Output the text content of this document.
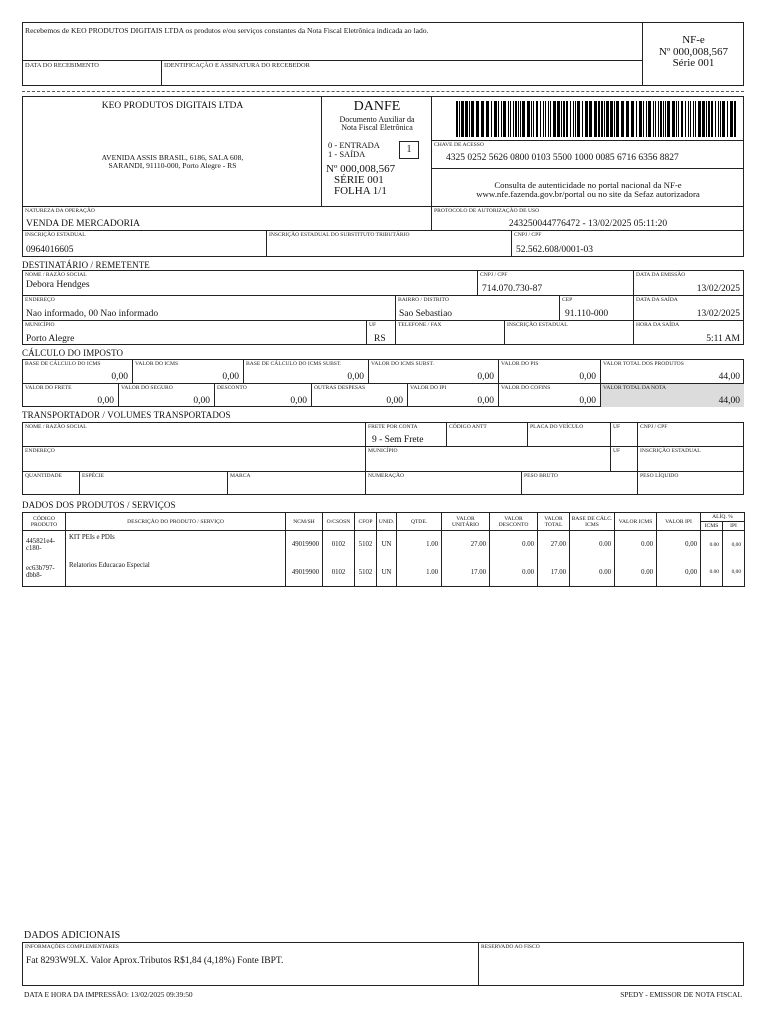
Recebemos de KEO PRODUTOS DIGITAIS LTDA os produtos e/ou serviços constantes da Nota Fiscal Eletrônica indicada ao lado.
DATA DO RECEBIMENTO	IDENTIFICAÇÃO E ASSINATURA DO RECEBEDOR
NF-e
Nº 000,008,567
Série 001
KEO PRODUTOS DIGITAIS LTDA
AVENIDA ASSIS BRASIL, 6186, SALA 608,
SARANDI, 91110-000, Porto Alegre - RS
DANFE
Documento Auxiliar da
Nota Fiscal Eletrônica
0 - ENTRADA
1 - SAÍDA	1
Nº 000,008,567
SÉRIE 001
FOLHA 1/1
CHAVE DE ACESSO
4325 0252 5626 0800 0103 5500 1000 0085 6716 6356 8827
Consulta de autenticidade no portal nacional da NF-e
www.nfe.fazenda.gov.br/portal ou no site da Sefaz autorizadora
NATUREZA DA OPERAÇÃO
VENDA DE MERCADORIA
PROTOCOLO DE AUTORIZAÇÃO DE USO
243250044776472 - 13/02/2025 05:11:20
INSCRIÇÃO ESTADUAL
0964016605
INSCRIÇÃO ESTADUAL DO SUBSTITUTO TRIBUTÁRIO	CNPJ / CPF
52.562.608/0001-03
DESTINATÁRIO / REMETENTE
NOME / RAZÃO SOCIAL
Debora Hendges
CNPJ / CPF
714.070.730-87
DATA DA EMISSÃO
13/02/2025
ENDEREÇO
Nao informado, 00 Nao informado
BAIRRO / DISTRITO
Sao Sebastiao
CEP
91.110-000
DATA DA SAÍDA
13/02/2025
MUNICÍPIO
Porto Alegre
UF
RS
TELEFONE / FAX	INSCRIÇÃO ESTADUAL	HORA DA SAÍDA
5:11 AM
CÁLCULO DO IMPOSTO
BASE DE CÁLCULO DO ICMS
0,00
VALOR DO ICMS
0,00
BASE DE CÁLCULO DO ICMS SUBST.
0,00
VALOR DO ICMS SUBST.
0,00
VALOR DO PIS
0,00
VALOR TOTAL DOS PRODUTOS
44,00
VALOR DO FRETE
0,00
VALOR DO SEGURO
0,00
DESCONTO
0,00
OUTRAS DESPESAS
0,00
VALOR DO IPI
0,00
VALOR DO COFINS
0,00
VALOR TOTAL DA NOTA
44,00
TRANSPORTADOR / VOLUMES TRANSPORTADOS
NOME / RAZÃO SOCIAL	FRETE POR CONTA
9 - Sem Frete
CÓDIGO ANTT	PLACA DO VEÍCULO	UF	CNPJ / CPF
ENDEREÇO	MUNICÍPIO	UF	INSCRIÇÃO ESTADUAL
QUANTIDADE	ESPÉCIE	MARCA	NUMERAÇÃO	PESO BRUTO	PESO LÍQUIDO
DADOS DOS PRODUTOS / SERVIÇOS
CÓDIGO PRODUTO	DESCRIÇÃO DO PRODUTO / SERVIÇO	NCM/SH	O/CSOSN	CFOP	UNID.	QTDE.	VALOR UNITÁRIO	VALOR DESCONTO	VALOR TOTAL	BASE DE CÁLC. ICMS	VALOR ICMS	VALOR IPI	ALÍQ. %	
													ICMS	IPI
445821e4-c180-	KIT PEIs e PDIs	49019900	0102	5102	UN	1.00	27.00	0.00	27.00	0.00	0.00	0,00	0.00	0,00
ec63b797-dbb8-	Relatorios Educacao Especial	49019900	0102	5102	UN	1.00	17.00	0.00	17.00	0.00	0.00	0,00	0.00	0,00
DADOS ADICIONAIS
INFORMAÇÕES COMPLEMENTARES
Fat 8293W9LX. Valor Aprox.Tributos R$1,84 (4,18%) Fonte IBPT.
RESERVADO AO FISCO
DATA E HORA DA IMPRESSÃO: 13/02/2025 09:39:50	SPEDY - EMISSOR DE NOTA FISCAL
